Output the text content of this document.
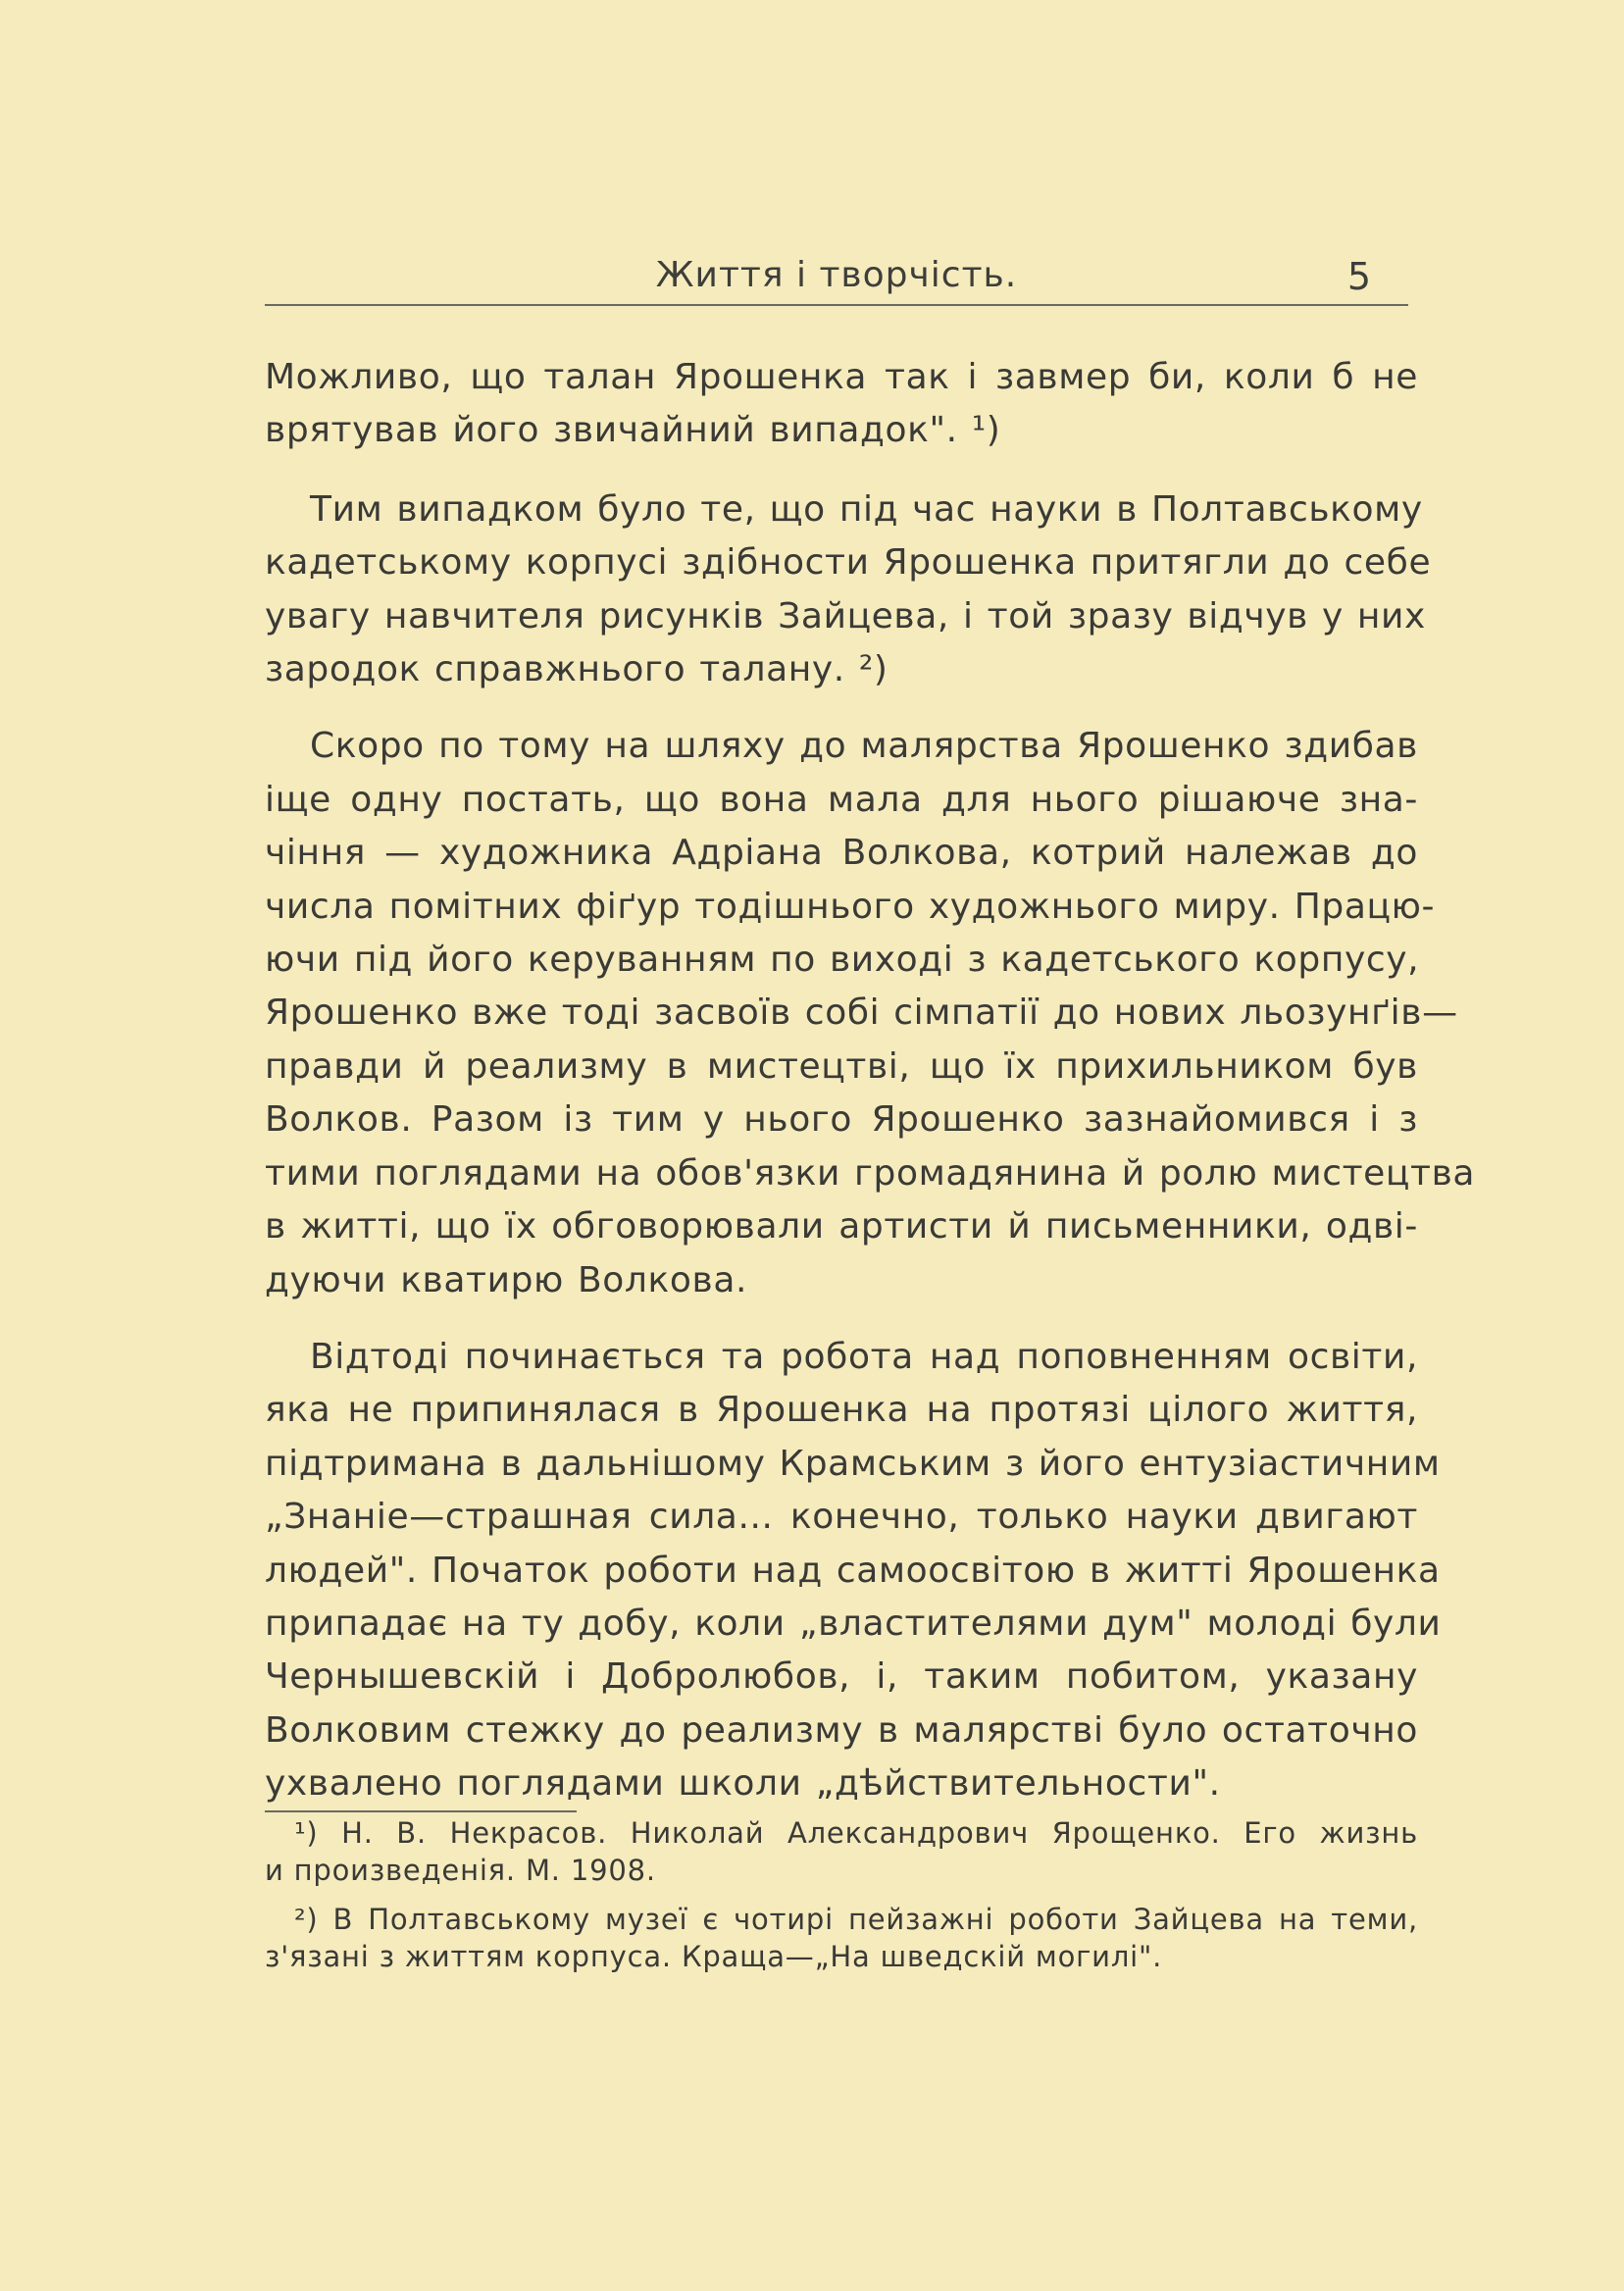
Життя і творчість.	5

Можливо, що талан Ярошенка так і завмер би, коли б не
врятував його звичайний випадок". ¹)

Тим випадком було те, що під час науки в Полтавському
кадетському корпусі здібности Ярошенка притягли до себе
увагу навчителя рисунків Зайцева, і той зразу відчув у них
зародок справжнього талану. ²)

Скоро по тому на шляху до малярства Ярошенко здибав
іще одну постать, що вона мала для нього рішаюче зна-
чіння — художника Адріана Волкова, котрий належав до
числа помітних фіґур тодішнього художнього миру. Працю-
ючи під його керуванням по виході з кадетського корпусу,
Ярошенко вже тоді засвоїв собі сімпатії до нових льозунґів—
правди й реализму в мистецтві, що їх прихильником був
Волков. Разом із тим у нього Ярошенко зазнайомився і з
тими поглядами на обов'язки громадянина й ролю мистецтва
в житті, що їх обговорювали артисти й письменники, одві-
дуючи кватирю Волкова.

Відтоді починається та робота над поповненням освіти,
яка не припинялася в Ярошенка на протязі цілого життя,
підтримана в дальнішому Крамським з його ентузіастичним
„Знаніе—страшная сила... конечно, только науки двигают
людей". Початок роботи над самоосвітою в житті Ярошенка
припадає на ту добу, коли „властителями дум" молоді були
Чернышевскій і Добролюбов, і, таким побитом, указану
Волковим стежку до реализму в малярстві було остаточно
ухвалено поглядами школи „дѣйствительности".

¹) Н. В. Некрасов. Николай Александрович Ярощенко. Его жизнь
и произведенія. М. 1908.

²) В Полтавському музеї є чотирі пейзажні роботи Зайцева на теми,
з'язані з життям корпуса. Краща—„На шведскій могилі".
